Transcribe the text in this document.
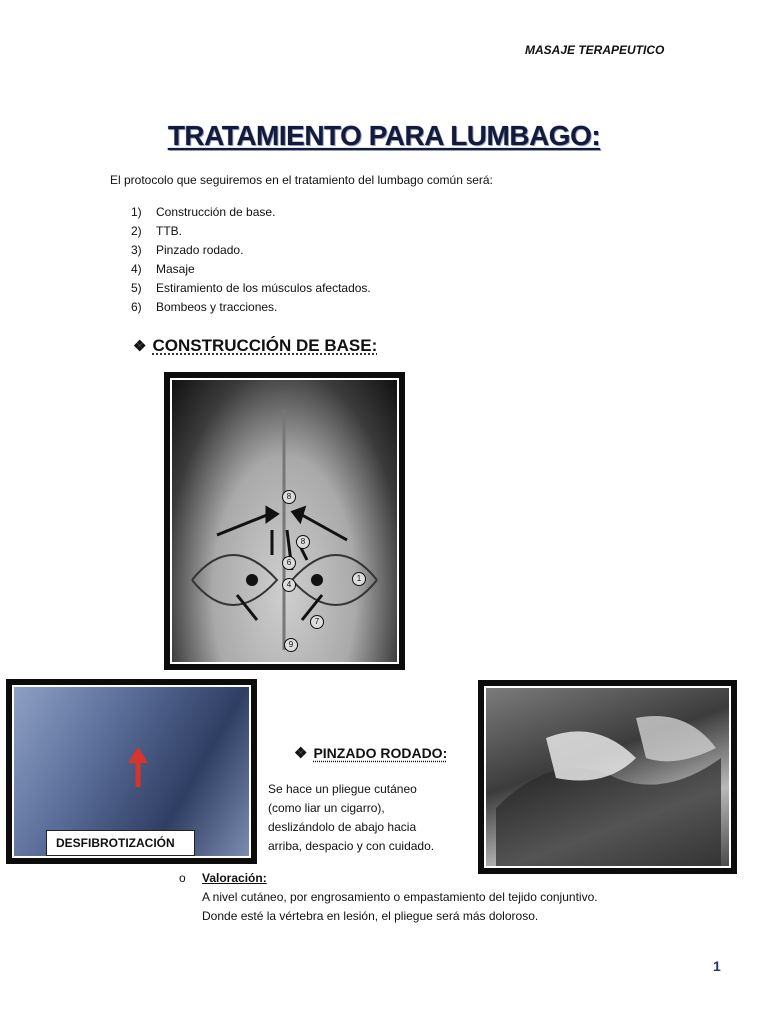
MASAJE TERAPEUTICO
TRATAMIENTO PARA LUMBAGO:
El protocolo que seguiremos en el tratamiento del lumbago común será:
1)	Construcción de base.
2)	TTB.
3)	Pinzado rodado.
4)	Masaje
5)	Estiramiento de los músculos afectados.
6)	Bombeos y tracciones.
❖ CONSTRUCCIÓN DE BASE:
8
8
6
4
1
7
9
DESFIBROTIZACIÓN
❖ PINZADO RODADO:
Se hace un pliegue cutáneo
(como liar un cigarro),
deslizándolo de abajo hacia
arriba, despacio y con cuidado.
o Valoración:
A nivel cutáneo, por engrosamiento o empastamiento del tejido conjuntivo.
Donde esté la vértebra en lesión, el pliegue será más doloroso.
1
